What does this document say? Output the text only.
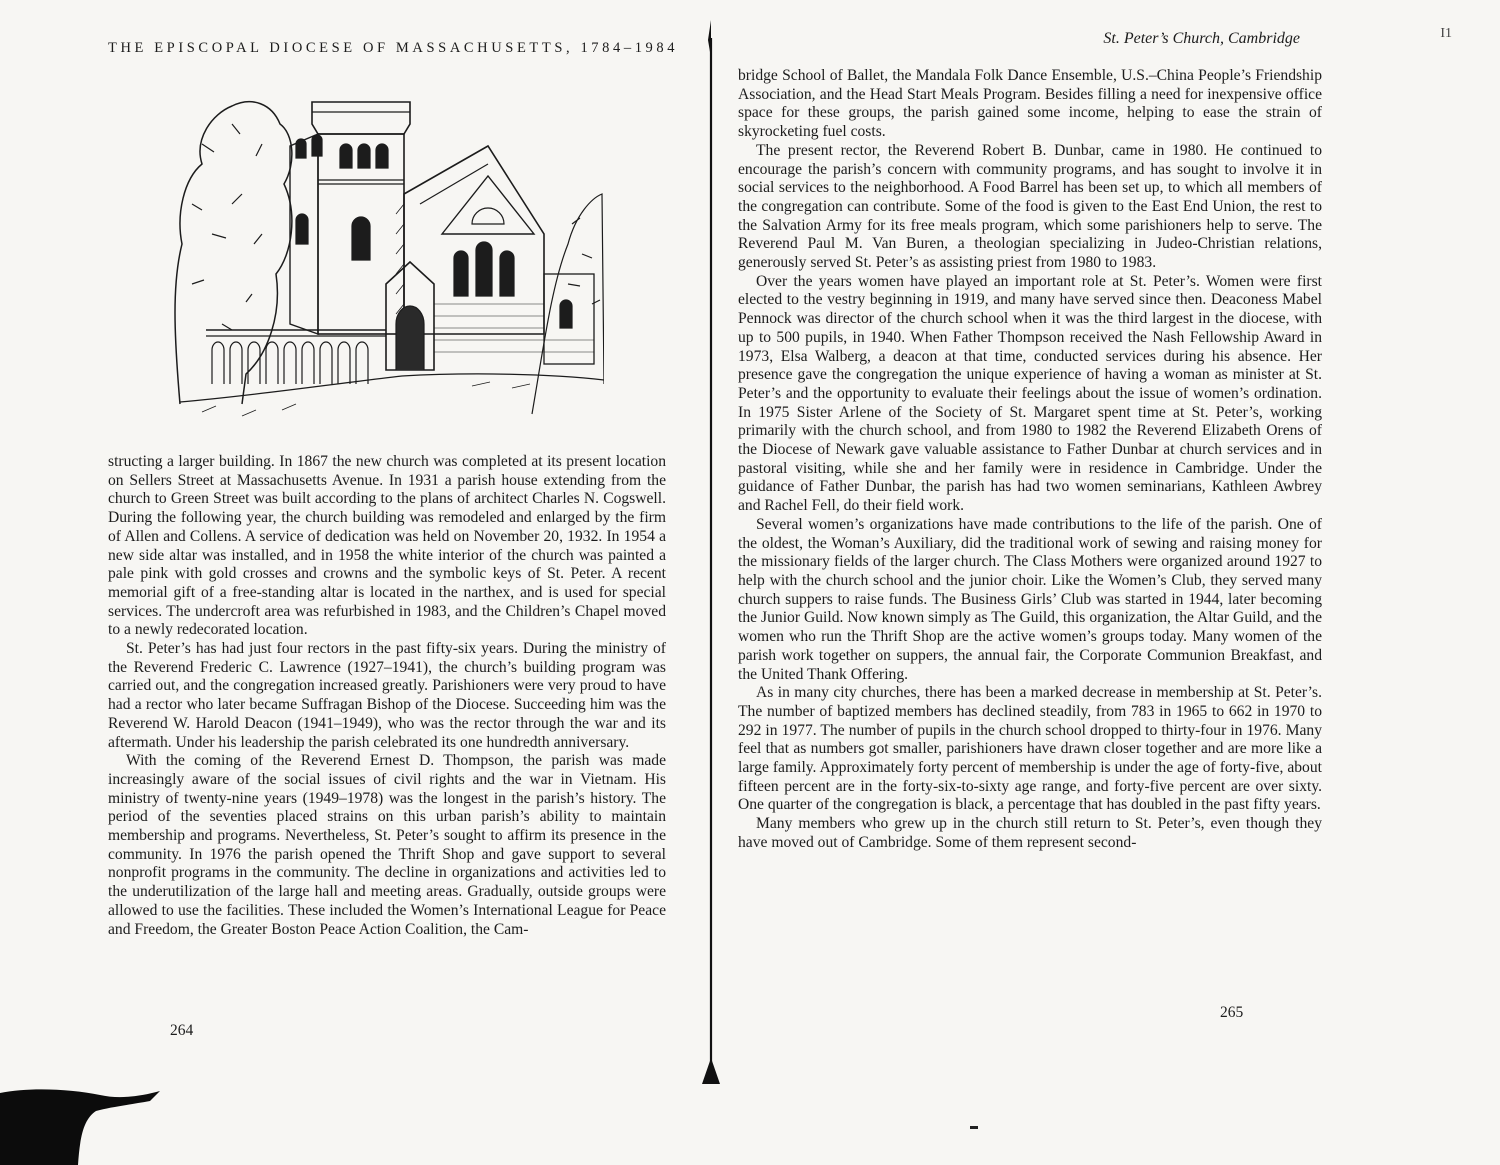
THE EPISCOPAL DIOCESE OF MASSACHUSETTS, 1784–1984

structing a larger building. In 1867 the new church was completed at its present location on Sellers Street at Massachusetts Avenue. In 1931 a parish house extending from the church to Green Street was built according to the plans of architect Charles N. Cogswell. During the following year, the church building was remodeled and enlarged by the firm of Allen and Collens. A service of dedication was held on November 20, 1932. In 1954 a new side altar was installed, and in 1958 the white interior of the church was painted a pale pink with gold crosses and crowns and the symbolic keys of St. Peter. A recent memorial gift of a free-standing altar is located in the narthex, and is used for special services. The undercroft area was refurbished in 1983, and the Children’s Chapel moved to a newly redecorated location.

St. Peter’s has had just four rectors in the past fifty-six years. During the ministry of the Reverend Frederic C. Lawrence (1927–1941), the church’s building program was carried out, and the congregation increased greatly. Parishioners were very proud to have had a rector who later became Suffragan Bishop of the Diocese. Succeeding him was the Reverend W. Harold Deacon (1941–1949), who was the rector through the war and its aftermath. Under his leadership the parish celebrated its one hundredth anniversary.

With the coming of the Reverend Ernest D. Thompson, the parish was made increasingly aware of the social issues of civil rights and the war in Vietnam. His ministry of twenty-nine years (1949–1978) was the longest in the parish’s history. The period of the seventies placed strains on this urban parish’s ability to maintain membership and programs. Nevertheless, St. Peter’s sought to affirm its presence in the community. In 1976 the parish opened the Thrift Shop and gave support to several nonprofit programs in the community. The decline in organizations and activities led to the underutilization of the large hall and meeting areas. Gradually, outside groups were allowed to use the facilities. These included the Women’s International League for Peace and Freedom, the Greater Boston Peace Action Coalition, the Cam-

264
St. Peter’s Church, Cambridge	I1

bridge School of Ballet, the Mandala Folk Dance Ensemble, U.S.–China People’s Friendship Association, and the Head Start Meals Program. Besides filling a need for inexpensive office space for these groups, the parish gained some income, helping to ease the strain of skyrocketing fuel costs.

The present rector, the Reverend Robert B. Dunbar, came in 1980. He continued to encourage the parish’s concern with community programs, and has sought to involve it in social services to the neighborhood. A Food Barrel has been set up, to which all members of the congregation can contribute. Some of the food is given to the East End Union, the rest to the Salvation Army for its free meals program, which some parishioners help to serve. The Reverend Paul M. Van Buren, a theologian specializing in Judeo-Christian relations, generously served St. Peter’s as assisting priest from 1980 to 1983.

Over the years women have played an important role at St. Peter’s. Women were first elected to the vestry beginning in 1919, and many have served since then. Deaconess Mabel Pennock was director of the church school when it was the third largest in the diocese, with up to 500 pupils, in 1940. When Father Thompson received the Nash Fellowship Award in 1973, Elsa Walberg, a deacon at that time, conducted services during his absence. Her presence gave the congregation the unique experience of having a woman as minister at St. Peter’s and the opportunity to evaluate their feelings about the issue of women’s ordination. In 1975 Sister Arlene of the Society of St. Margaret spent time at St. Peter’s, working primarily with the church school, and from 1980 to 1982 the Reverend Elizabeth Orens of the Diocese of Newark gave valuable assistance to Father Dunbar at church services and in pastoral visiting, while she and her family were in residence in Cambridge. Under the guidance of Father Dunbar, the parish has had two women seminarians, Kathleen Awbrey and Rachel Fell, do their field work.

Several women’s organizations have made contributions to the life of the parish. One of the oldest, the Woman’s Auxiliary, did the traditional work of sewing and raising money for the missionary fields of the larger church. The Class Mothers were organized around 1927 to help with the church school and the junior choir. Like the Women’s Club, they served many church suppers to raise funds. The Business Girls’ Club was started in 1944, later becoming the Junior Guild. Now known simply as The Guild, this organization, the Altar Guild, and the women who run the Thrift Shop are the active women’s groups today. Many women of the parish work together on suppers, the annual fair, the Corporate Communion Breakfast, and the United Thank Offering.

As in many city churches, there has been a marked decrease in membership at St. Peter’s. The number of baptized members has declined steadily, from 783 in 1965 to 662 in 1970 to 292 in 1977. The number of pupils in the church school dropped to thirty-four in 1976. Many feel that as numbers got smaller, parishioners have drawn closer together and are more like a large family. Approximately forty percent of membership is under the age of forty-five, about fifteen percent are in the forty-six-to-sixty age range, and forty-five percent are over sixty. One quarter of the congregation is black, a percentage that has doubled in the past fifty years.

Many members who grew up in the church still return to St. Peter’s, even though they have moved out of Cambridge. Some of them represent second-

265
